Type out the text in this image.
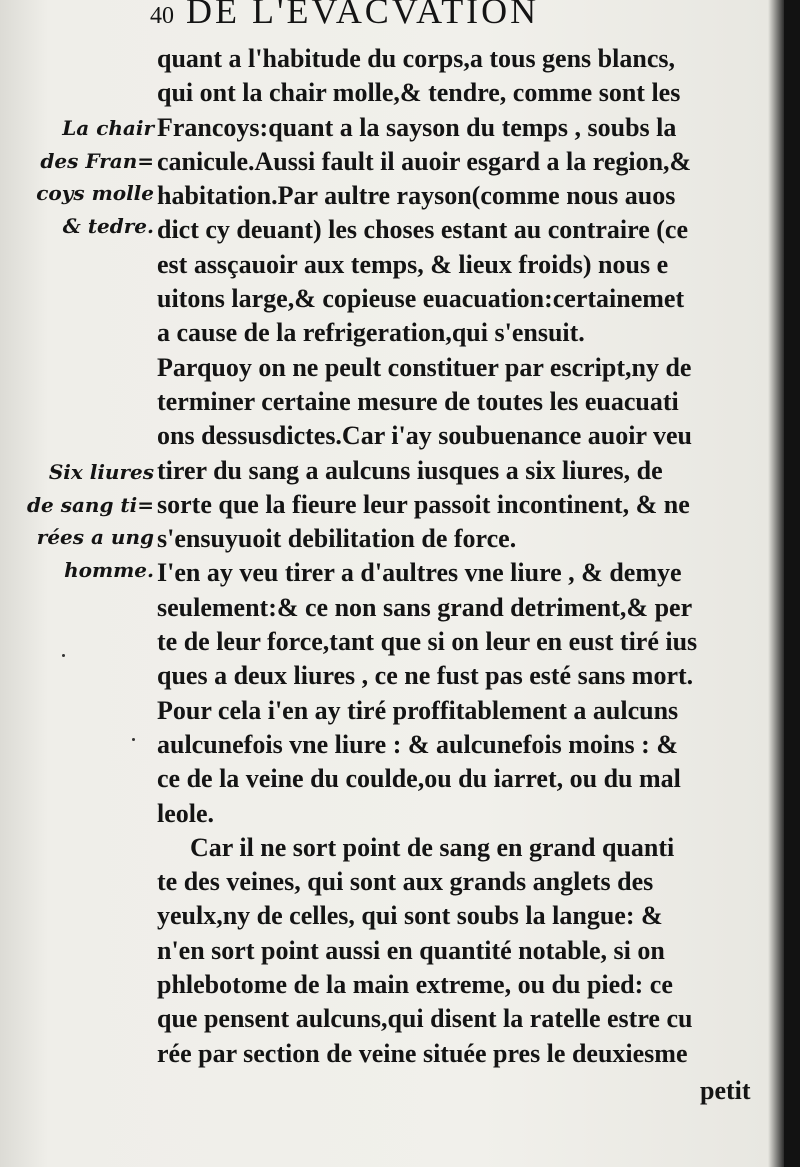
40 DE L'EVACVATION
La chair
des Fran=
coys molle
& tedre.
Six liures
de sang ti=
rées a ung
homme.
quant a l'habitude du corps,a tous gens blancs,
qui ont la chair molle,& tendre, comme sont les
Francoys:quant a la sayson du temps , soubs la
canicule.Aussi fault il auoir esgard a la region,&
habitation.Par aultre rayson(comme nous auos
dict cy deuant) les choses estant au contraire (ce
est assçauoir aux temps, & lieux froids) nous e
uitons large,& copieuse euacuation:certainemet
a cause de la refrigeration,qui s'ensuit.
Parquoy on ne peult constituer par escript,ny de
terminer certaine mesure de toutes les euacuati
ons dessusdictes.Car i'ay soubuenance auoir veu
tirer du sang a aulcuns iusques a six liures, de
sorte que la fieure leur passoit incontinent, & ne
s'ensuyuoit debilitation de force.
I'en ay veu tirer a d'aultres vne liure , & demye
seulement:& ce non sans grand detriment,& per
te de leur force,tant que si on leur en eust tiré ius
ques a deux liures , ce ne fust pas esté sans mort.
Pour cela i'en ay tiré proffitablement a aulcuns
aulcunefois vne liure : & aulcunefois moins : &
ce de la veine du coulde,ou du iarret, ou du mal
leole.
Car il ne sort point de sang en grand quanti
te des veines, qui sont aux grands anglets des
yeulx,ny de celles, qui sont soubs la langue: &
n'en sort point aussi en quantité notable, si on
phlebotome de la main extreme, ou du pied: ce
que pensent aulcuns,qui disent la ratelle estre cu
rée par section de veine située pres le deuxiesme
petit
